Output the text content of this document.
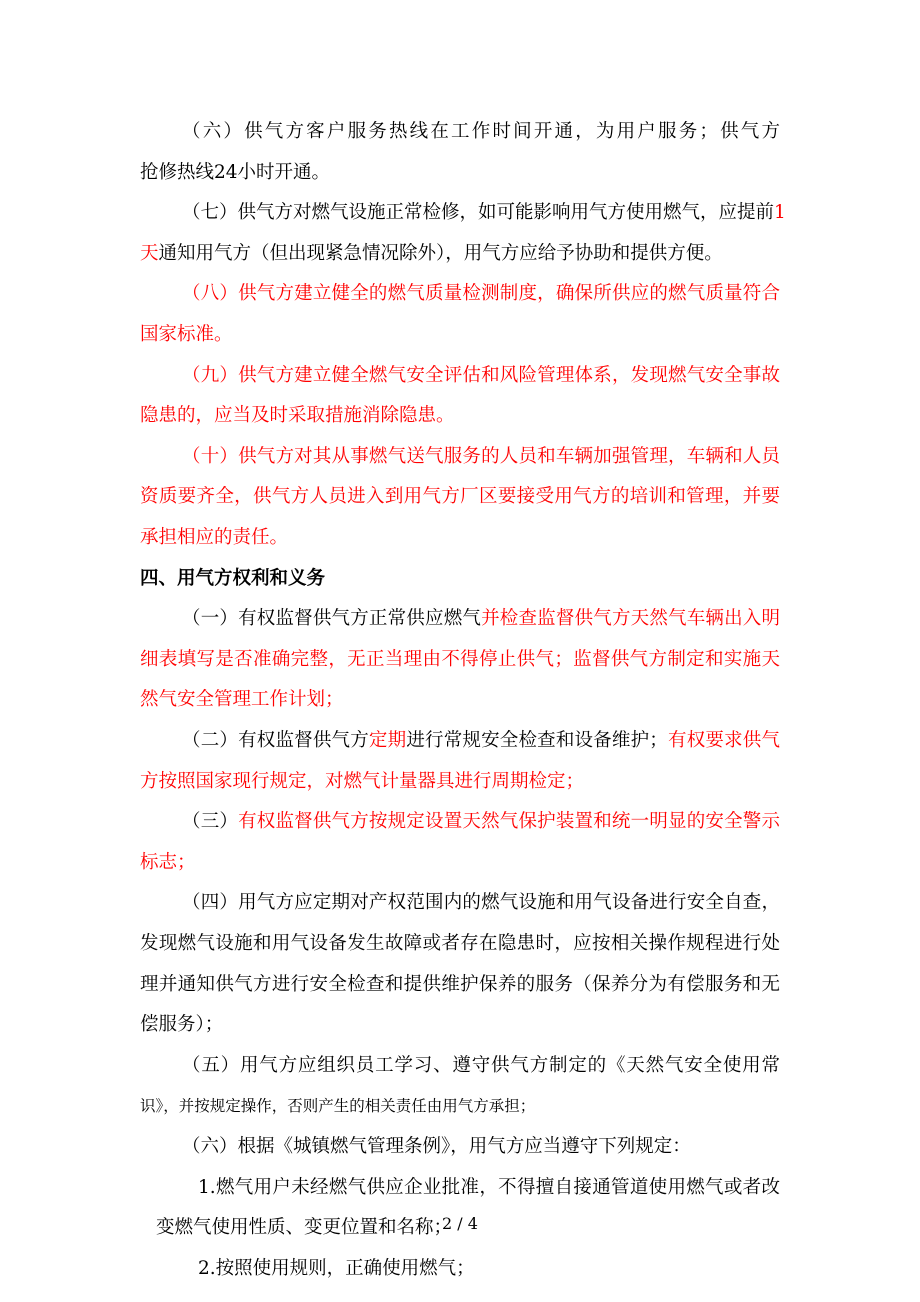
（六）供气方客户服务热线在工作时间开通，为用户服务；供气方
抢修热线24小时开通。
（七）供气方对燃气设施正常检修，如可能影响用气方使用燃气，应提前1
天通知用气方（但出现紧急情况除外），用气方应给予协助和提供方便。
（八）供气方建立健全的燃气质量检测制度，确保所供应的燃气质量符合
国家标准。
（九）供气方建立健全燃气安全评估和风险管理体系，发现燃气安全事故
隐患的，应当及时采取措施消除隐患。
（十）供气方对其从事燃气送气服务的人员和车辆加强管理，车辆和人员
资质要齐全，供气方人员进入到用气方厂区要接受用气方的培训和管理，并要
承担相应的责任。
四、用气方权利和义务
（一）有权监督供气方正常供应燃气并检查监督供气方天然气车辆出入明
细表填写是否准确完整，无正当理由不得停止供气；监督供气方制定和实施天
然气安全管理工作计划；
（二）有权监督供气方定期进行常规安全检查和设备维护；有权要求供气
方按照国家现行规定，对燃气计量器具进行周期检定；
（三）有权监督供气方按规定设置天然气保护装置和统一明显的安全警示
标志；
（四）用气方应定期对产权范围内的燃气设施和用气设备进行安全自查，
发现燃气设施和用气设备发生故障或者存在隐患时，应按相关操作规程进行处
理并通知供气方进行安全检查和提供维护保养的服务（保养分为有偿服务和无
偿服务）；
（五）用气方应组织员工学习、遵守供气方制定的《天然气安全使用常
识》，并按规定操作，否则产生的相关责任由用气方承担；
（六）根据《城镇燃气管理条例》，用气方应当遵守下列规定：
1.燃气用户未经燃气供应企业批准，不得擅自接通管道使用燃气或者改
变燃气使用性质、变更位置和名称；
2.按照使用规则，正确使用燃气；
2 / 4
